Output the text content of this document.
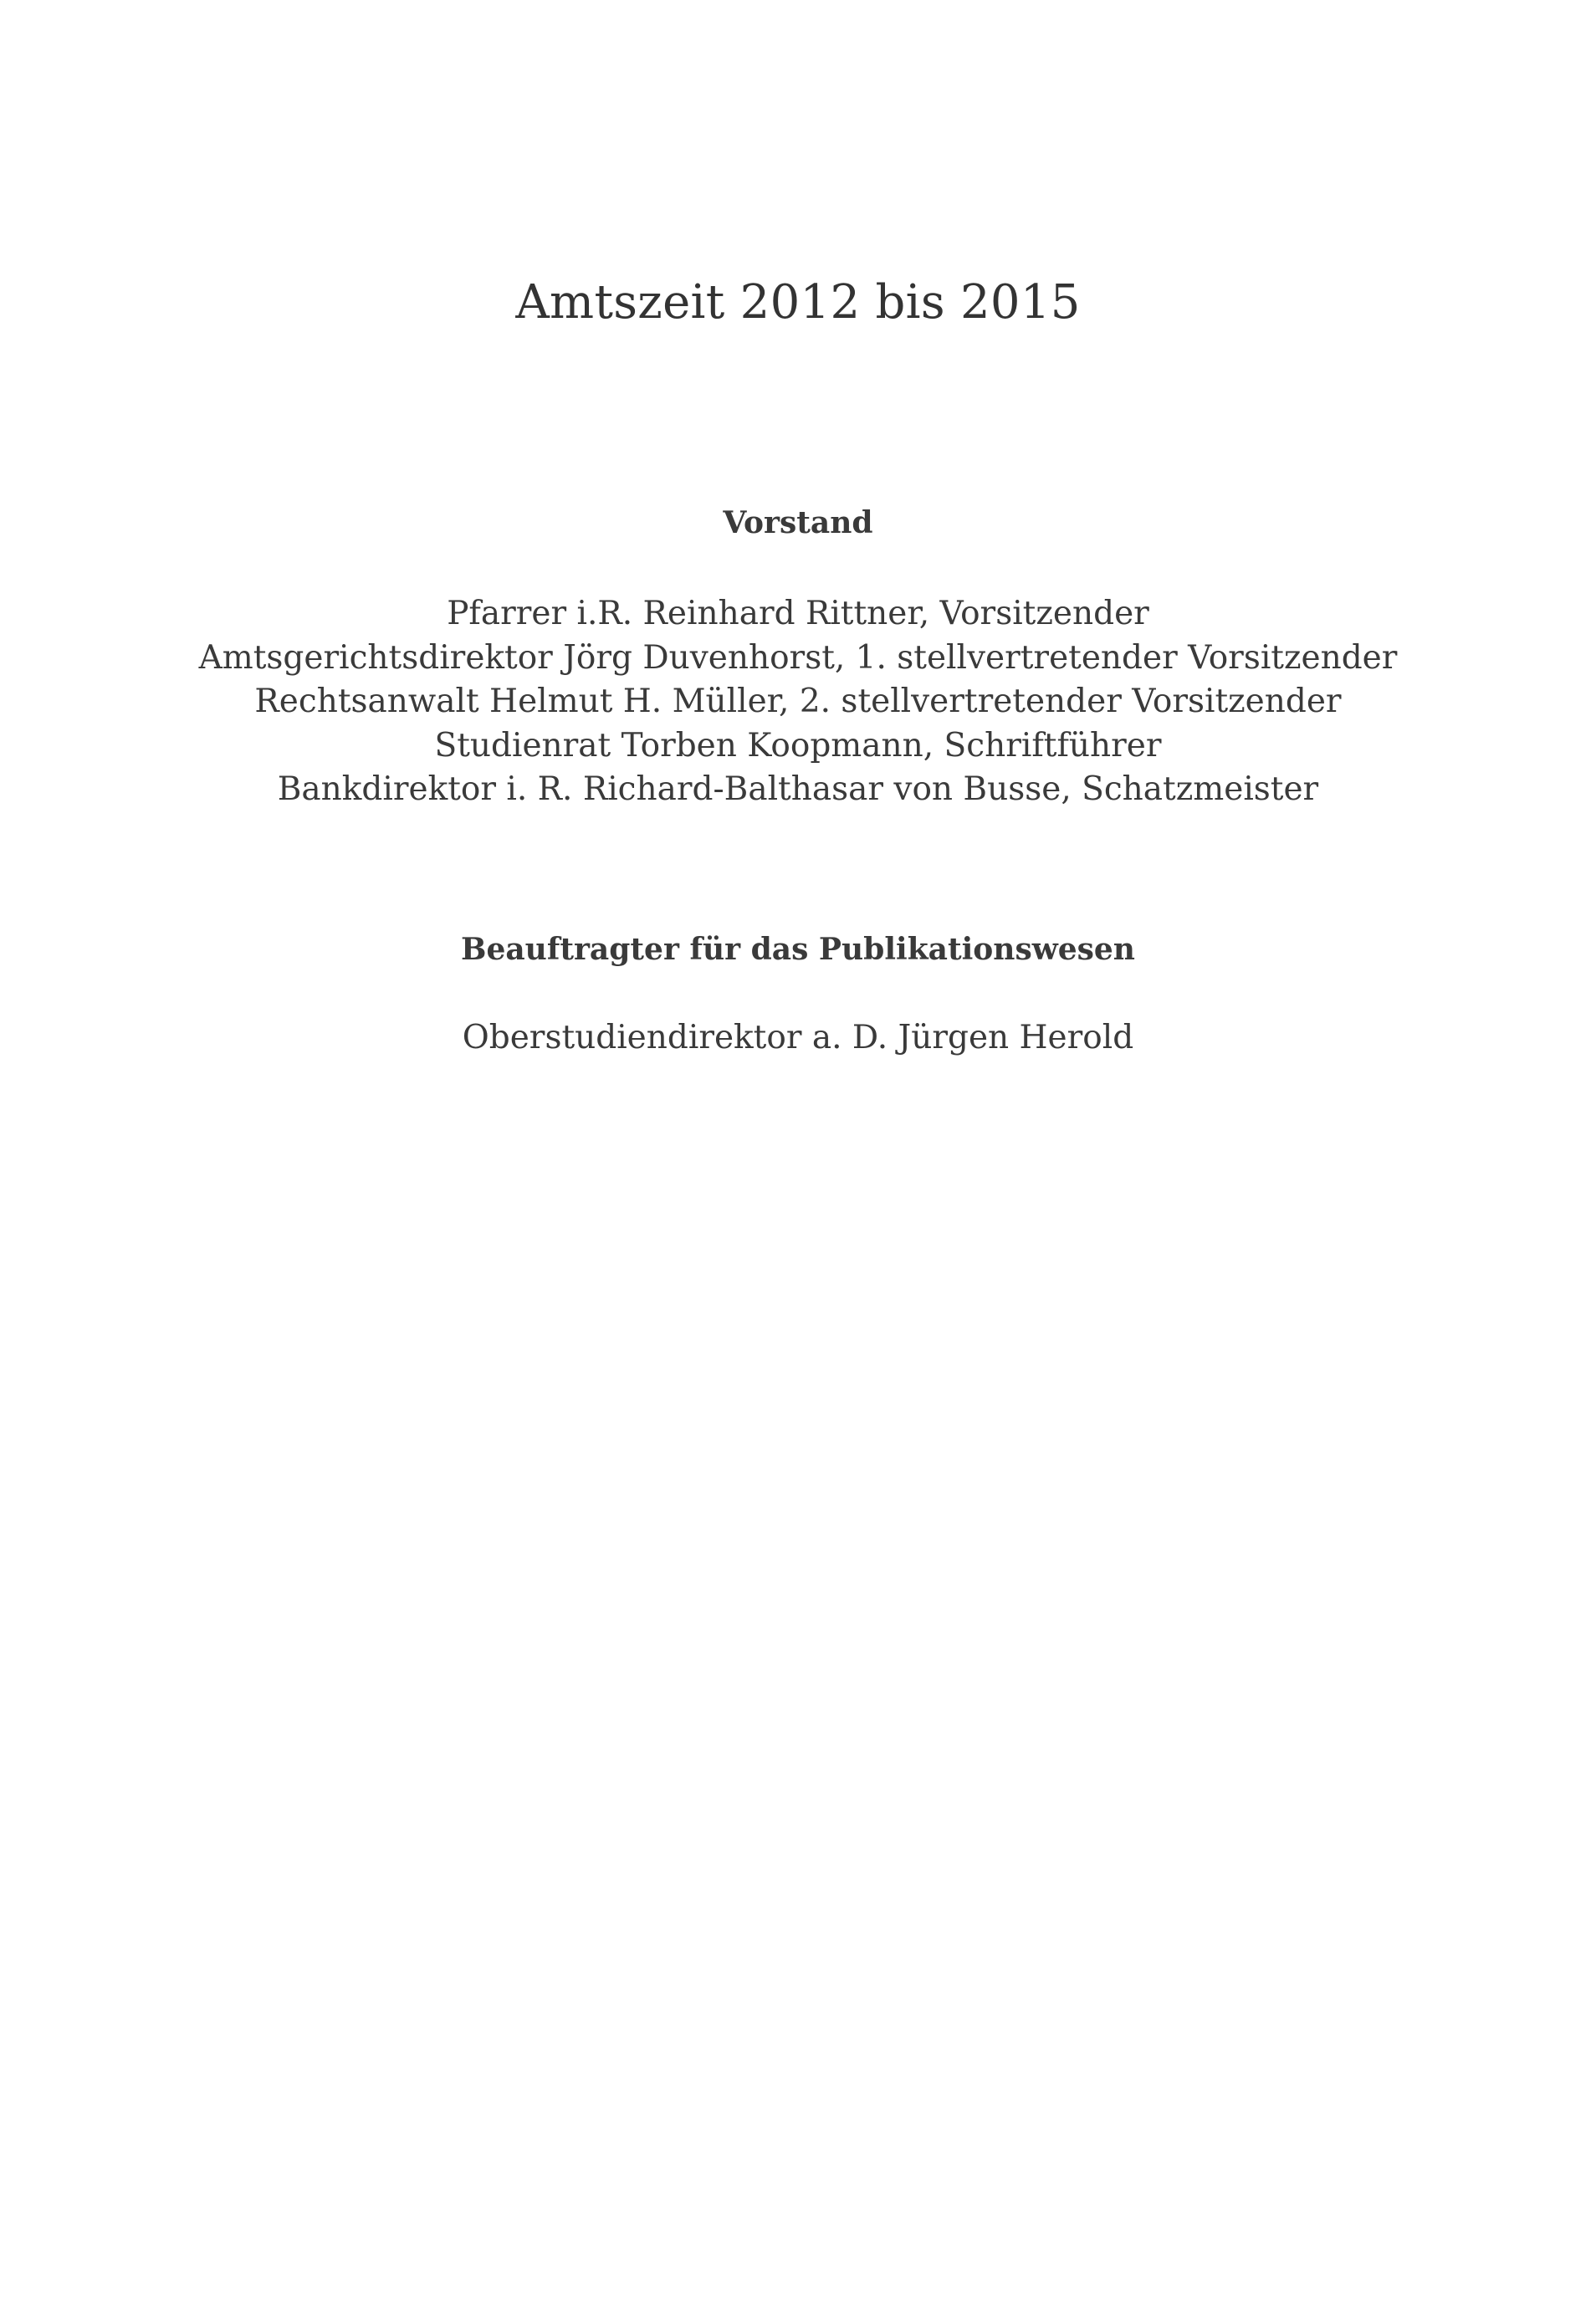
Amtszeit 2012 bis 2015
Vorstand
Pfarrer i.R. Reinhard Rittner, Vorsitzender
Amtsgerichtsdirektor Jörg Duvenhorst, 1. stellvertretender Vorsitzender
Rechtsanwalt Helmut H. Müller, 2. stellvertretender Vorsitzender
Studienrat Torben Koopmann, Schriftführer
Bankdirektor i. R. Richard-Balthasar von Busse, Schatzmeister
Beauftragter für das Publikationswesen

Oberstudiendirektor a. D. Jürgen Herold
